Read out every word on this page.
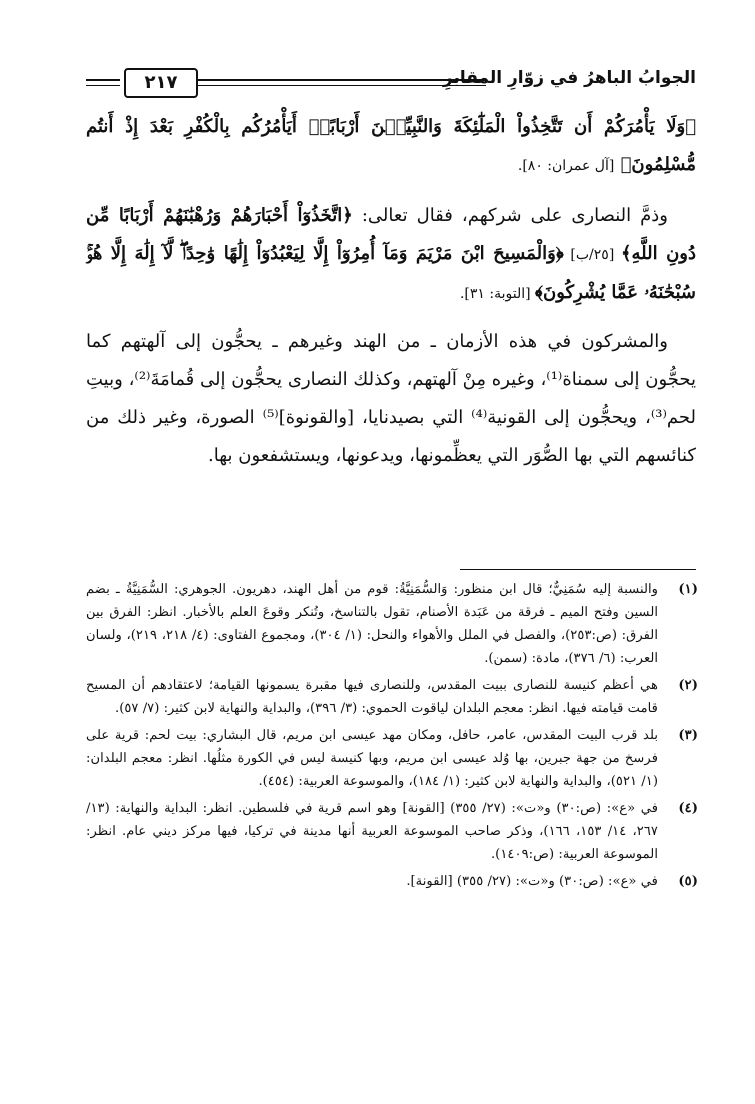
٢١٧	الجوابُ الباهرُ في زوّارِ المقابرِ
﴿وَلَا يَأْمُرَكُمْ أَن تَتَّخِذُواْ الْمَلَٰٓئِكَةَ وَالنَّبِيِّـۧنَ أَرْبَابًاۗ أَيَأْمُرُكُم بِالْكُفْرِ بَعْدَ إِذْ أَنتُم مُّسْلِمُونَ﴾ [آل عمران: ٨٠].

وذمَّ النصارى على شركهم، فقال تعالى: ﴿اتَّخَذُوٓاْ أَحْبَارَهُمْ وَرُهْبَٰنَهُمْ أَرْبَابًا مِّن دُونِ اللَّهِ﴾ [٢٥/ب] ﴿وَالْمَسِيحَ ابْنَ مَرْيَمَ وَمَآ أُمِرُوٓاْ إِلَّا لِيَعْبُدُوٓاْ إِلَٰهًا وَٰحِدًاۖ لَّآ إِلَٰهَ إِلَّا هُوَۚ سُبْحَٰنَهُۥ عَمَّا يُشْرِكُونَ﴾ [التوبة: ٣١].

والمشركون في هذه الأزمان ـ من الهند وغيرهم ـ يحجُّون إلى آلهتهم كما يحجُّون إلى سمناة⁽¹⁾، وغيره مِنْ آلهتهم، وكذلك النصارى يحجُّون إلى قُمامَةَ⁽²⁾، وبيتِ لحم⁽³⁾، ويحجُّون إلى القونية⁽⁴⁾ التي بصيدنايا، [والقونوة]⁽⁵⁾ الصورة، وغير ذلك من كنائسهم التي بها الصُّوَر التي يعظِّمونها، ويدعونها، ويستشفعون بها.

(١)
والنسبة إليه سُمَنِيٌّ؛ قال ابن منظور: وَالسُّمَنِيَّةُ: قوم من أهل الهند، دهريون. الجوهري: السُّمَنِيَّةُ ـ بضم السين وفتح الميم ـ فرقة من عَبَدة الأصنام، تقول بالتناسخ، وتُنكر وقوعَ العلم بالأخبار. انظر: الفرق بين الفرق: (ص:٢٥٣)، والفصل في الملل والأهواء والنحل: (١/ ٣٠٤)، ومجموع الفتاوى: (٤/ ٢١٨، ٢١٩)، ولسان العرب: (٦/ ٣٧٦)، مادة: (سمن).
(٢)
هي أعظم كنيسة للنصارى ببيت المقدس، وللنصارى فيها مقبرة يسمونها القيامة؛ لاعتقادهم أن المسيح قامت قيامته فيها. انظر: معجم البلدان لياقوت الحموي: (٣/ ٣٩٦)، والبداية والنهاية لابن كثير: (٧/ ٥٧).
(٣)
بلد قرب البيت المقدس، عامر، حافل، ومكان مهد عيسى ابن مريم، قال البشاري: بيت لحم: قرية على فرسخ من جهة جبرين، بها وُلد عيسى ابن مريم، وبها كنيسة ليس في الكورة مثلُها. انظر: معجم البلدان: (١/ ٥٢١)، والبداية والنهاية لابن كثير: (١/ ١٨٤)، والموسوعة العربية: (٤٥٤).
(٤)
في «ع»: (ص:٣٠) و«ت»: (٢٧/ ٣٥٥) [القونة] وهو اسم قرية في فلسطين. انظر: البداية والنهاية: (١٣/ ٢٦٧، ١٤/ ١٥٣، ١٦٦)، وذكر صاحب الموسوعة العربية أنها مدينة في تركيا، فيها مركز ديني عام. انظر: الموسوعة العربية: (ص:١٤٠٩).
(٥)
في «ع»: (ص:٣٠) و«ت»: (٢٧/ ٣٥٥) [القونة].
